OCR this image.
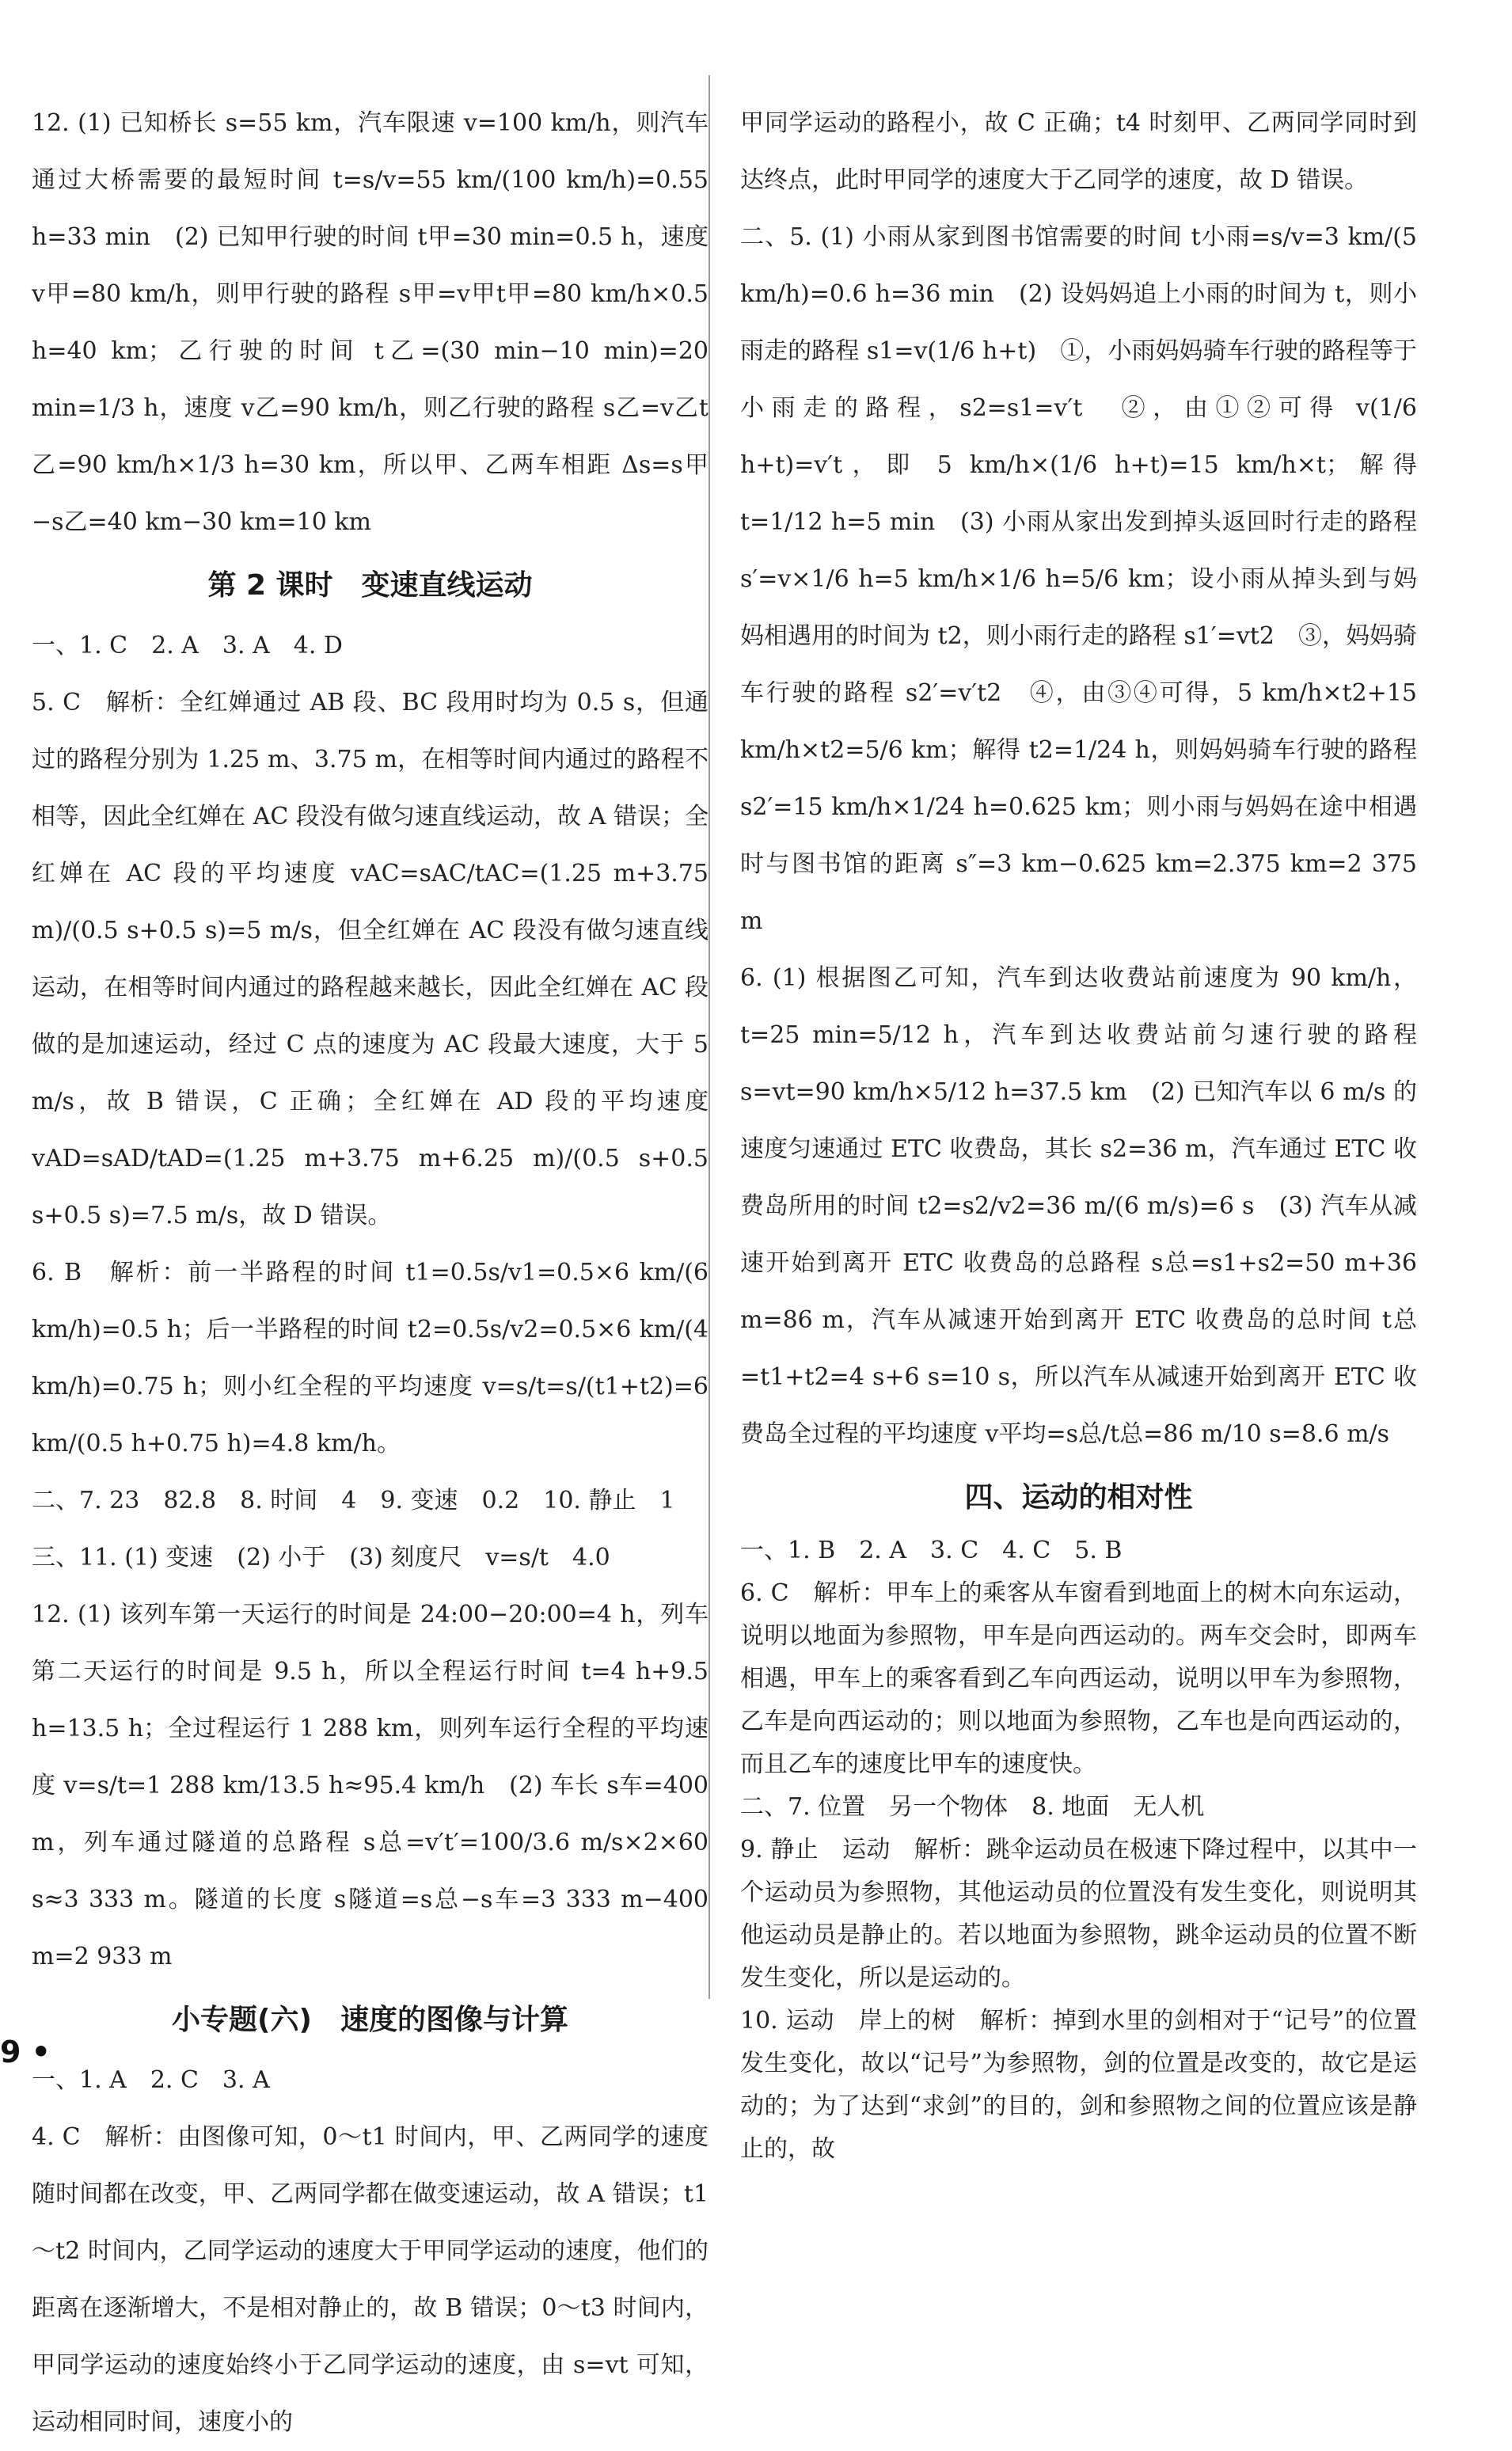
12. (1) 已知桥长 s=55 km，汽车限速 v=100 km/h，则汽车通过大桥需要的最短时间 t=s/v=55 km/(100 km/h)=0.55 h=33 min　(2) 已知甲行驶的时间 t甲=30 min=0.5 h，速度 v甲=80 km/h，则甲行驶的路程 s甲=v甲t甲=80 km/h×0.5 h=40 km；乙行驶的时间 t乙=(30 min−10 min)=20 min=1/3 h，速度 v乙=90 km/h，则乙行驶的路程 s乙=v乙t乙=90 km/h×1/3 h=30 km，所以甲、乙两车相距 Δs=s甲−s乙=40 km−30 km=10 km

第 2 课时　变速直线运动

一、1. C　2. A　3. A　4. D

5. C　解析：全红婵通过 AB 段、BC 段用时均为 0.5 s，但通过的路程分别为 1.25 m、3.75 m，在相等时间内通过的路程不相等，因此全红婵在 AC 段没有做匀速直线运动，故 A 错误；全红婵在 AC 段的平均速度 vAC=sAC/tAC=(1.25 m+3.75 m)/(0.5 s+0.5 s)=5 m/s，但全红婵在 AC 段没有做匀速直线运动，在相等时间内通过的路程越来越长，因此全红婵在 AC 段做的是加速运动，经过 C 点的速度为 AC 段最大速度，大于 5 m/s，故 B 错误，C 正确；全红婵在 AD 段的平均速度 vAD=sAD/tAD=(1.25 m+3.75 m+6.25 m)/(0.5 s+0.5 s+0.5 s)=7.5 m/s，故 D 错误。

6. B　解析：前一半路程的时间 t1=0.5s/v1=0.5×6 km/(6 km/h)=0.5 h；后一半路程的时间 t2=0.5s/v2=0.5×6 km/(4 km/h)=0.75 h；则小红全程的平均速度 v=s/t=s/(t1+t2)=6 km/(0.5 h+0.75 h)=4.8 km/h。

二、7. 23　82.8　8. 时间　4　9. 变速　0.2　10. 静止　1

三、11. (1) 变速　(2) 小于　(3) 刻度尺　v=s/t　4.0

12. (1) 该列车第一天运行的时间是 24:00−20:00=4 h，列车第二天运行的时间是 9.5 h，所以全程运行时间 t=4 h+9.5 h=13.5 h；全过程运行 1 288 km，则列车运行全程的平均速度 v=s/t=1 288 km/13.5 h≈95.4 km/h　(2) 车长 s车=400 m，列车通过隧道的总路程 s总=v′t′=100/3.6 m/s×2×60 s≈3 333 m。隧道的长度 s隧道=s总−s车=3 333 m−400 m=2 933 m

小专题(六)　速度的图像与计算

一、1. A　2. C　3. A

4. C　解析：由图像可知，0～t1 时间内，甲、乙两同学的速度随时间都在改变，甲、乙两同学都在做变速运动，故 A 错误；t1～t2 时间内，乙同学运动的速度大于甲同学运动的速度，他们的距离在逐渐增大，不是相对静止的，故 B 错误；0～t3 时间内，甲同学运动的速度始终小于乙同学运动的速度，由 s=vt 可知，运动相同时间，速度小的

甲同学运动的路程小，故 C 正确；t4 时刻甲、乙两同学同时到达终点，此时甲同学的速度大于乙同学的速度，故 D 错误。

二、5. (1) 小雨从家到图书馆需要的时间 t小雨=s/v=3 km/(5 km/h)=0.6 h=36 min　(2) 设妈妈追上小雨的时间为 t，则小雨走的路程 s1=v(1/6 h+t)　①，小雨妈妈骑车行驶的路程等于小雨走的路程，s2=s1=v′t　②，由①②可得 v(1/6 h+t)=v′t，即 5 km/h×(1/6 h+t)=15 km/h×t；解得 t=1/12 h=5 min　(3) 小雨从家出发到掉头返回时行走的路程 s′=v×1/6 h=5 km/h×1/6 h=5/6 km；设小雨从掉头到与妈妈相遇用的时间为 t2，则小雨行走的路程 s1′=vt2　③，妈妈骑车行驶的路程 s2′=v′t2　④，由③④可得，5 km/h×t2+15 km/h×t2=5/6 km；解得 t2=1/24 h，则妈妈骑车行驶的路程 s2′=15 km/h×1/24 h=0.625 km；则小雨与妈妈在途中相遇时与图书馆的距离 s″=3 km−0.625 km=2.375 km=2 375 m

6. (1) 根据图乙可知，汽车到达收费站前速度为 90 km/h，t=25 min=5/12 h，汽车到达收费站前匀速行驶的路程 s=vt=90 km/h×5/12 h=37.5 km　(2) 已知汽车以 6 m/s 的速度匀速通过 ETC 收费岛，其长 s2=36 m，汽车通过 ETC 收费岛所用的时间 t2=s2/v2=36 m/(6 m/s)=6 s　(3) 汽车从减速开始到离开 ETC 收费岛的总路程 s总=s1+s2=50 m+36 m=86 m，汽车从减速开始到离开 ETC 收费岛的总时间 t总=t1+t2=4 s+6 s=10 s，所以汽车从减速开始到离开 ETC 收费岛全过程的平均速度 v平均=s总/t总=86 m/10 s=8.6 m/s

四、运动的相对性

一、1. B　2. A　3. C　4. C　5. B

6. C　解析：甲车上的乘客从车窗看到地面上的树木向东运动，说明以地面为参照物，甲车是向西运动的。两车交会时，即两车相遇，甲车上的乘客看到乙车向西运动，说明以甲车为参照物，乙车是向西运动的；则以地面为参照物，乙车也是向西运动的，而且乙车的速度比甲车的速度快。

二、7. 位置　另一个物体　8. 地面　无人机

9. 静止　运动　解析：跳伞运动员在极速下降过程中，以其中一个运动员为参照物，其他运动员的位置没有发生变化，则说明其他运动员是静止的。若以地面为参照物，跳伞运动员的位置不断发生变化，所以是运动的。

10. 运动　岸上的树　解析：掉到水里的剑相对于“记号”的位置发生变化，故以“记号”为参照物，剑的位置是改变的，故它是运动的；为了达到“求剑”的目的，剑和参照物之间的位置应该是静止的，故

9 •
